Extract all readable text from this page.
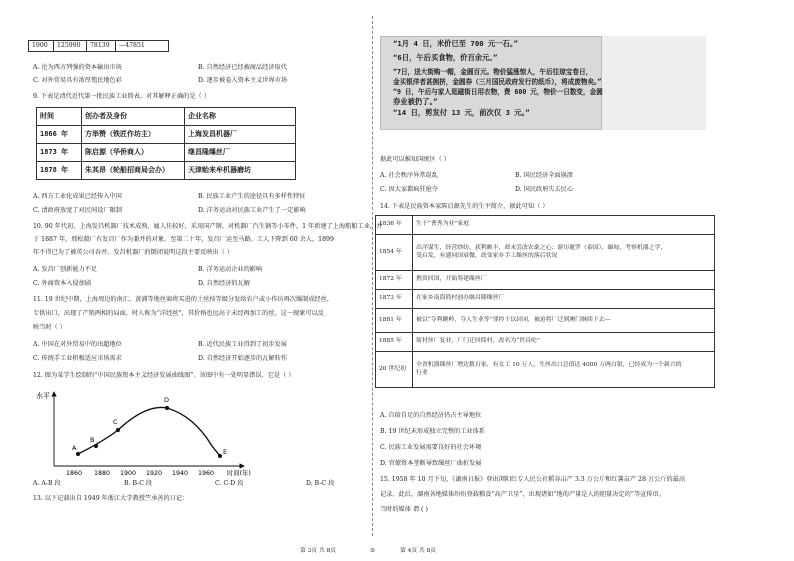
1900	125990	78139	—47851
A. 沦为西方列强的资本输出市场	B. 自然经济已经被商品经济取代
C. 对外贸易具有浓厚殖民地色彩	D. 逐步被卷入资本主义世界市场
9. 下表是清代近代第一批民族工业简表。对其解释正确的是（ ）
时间	创办者及身份	企业名称
1866 年	方举赞（铁匠作坊主）	上海发昌机器厂
1873 年	陈启源（华侨商人）	继昌隆缫丝厂
1878 年	朱其昂（轮船招商局会办）	天津贻来牟机器磨坊
A. 西方工业化成果已经传入中国	B. 民族工业产生的途径具有多样性特征
C. 清政府放宽了对民间设厂限制	D. 洋务运动对民族工业产生了一定影响
10. 90 年代初，上海发昌机器厂技术成熟、雇人佳较好，采用国产钢、对机器厂汽生钢等小零件，1 年新建了上海船舶工业。并
于 1887 年，邢松船厂有发昌厂作为兼并的对象。至第二十年，发昌厂运至马路。工人下降到 60 余人，1899
年不得已为了被英公司吞并。发昌机器厂的倒闭说明这段主要反映出（ ）
A. 发昌厂创新能力不足	B. 洋务运动企业的影响
C. 外商资本入侵加剧	D. 自然经济的瓦解
11. 19 世纪中期，上海周边的南汇、黄浦等地丝商将买进的土丝按等级分发给农户或小作坊再次缫制成经丝，
专供出口，出现了产销两相的局面，时人称为“洋经丝”，其价格也远高于未经再加工的丝。这一现象可以反
映当时（ ）
A. 中国在对外贸易中的出超地位	B. 近代民族工业得到了初步发展
C. 传统手工业积极适应市场需求	D. 自然经济开始逐步的瓦解转作
12. 图为某学生绘制的“中国民族资本主义经济发展曲线图”。该图中有一处明显错误，它是（ ）
水平
A
B
C
D
E
1860 1880 1900 1920 1940 1960 时间(年)
A. A-B 段	B. B-C 段	C. C-D 段	D. B-C 段
13. 以下记载出自 1949 年浙江大学教授竺承善的日记：
“1月 4 日，米价已至 700 元一石。”
“6日，午后买食物，价百余元。”
“7日，送大街购一帽，金圆百元。物价猛涨惊人，午后往琼宝卷日，
金买银洋者甚拥挤，金圆券（三月国民政府发行的纸币），将成废物矣。”
“9 日，午后与家人逛磁街日用衣物，费 600 元，物价一日数变，金圆
券业被扔了。”
“14 日，剪发付 13 元，前次仅 3 元。”
据此可以推知国统区（ ）
A. 社会秩序异常混乱	B. 国民经济全面崩溃
C. 因大家都疯狂抢夺	D. 国民政府失去民心
14. 下表是民族资本家陈启源先生的生平简介，据此可知（ ）
1836 年	生于“耆秀为业”家庭
1854 年	出洋谋生，经营纱纺，获利颇丰，却未尝改农桑之心；游历暹罗（泰国）、缅甸，考察机器之学，
受启发，有感同国衰微，改变家乡手工缫丝的落后状况
1872 年	携资回国，开始筹建缫丝厂
1873 年	在家乡南海简村创办继昌隆缫丝厂
1881 年	被以“夺利跳岭，夺人生业等”罪控于以封闭，被迫将厂迁到澳门继续下去—
1885 年	简村丝厂复业，厂门迁回简村，改名为“世昌纶”
20 世纪初	全省机器缫丝厂增达数百家，有女工 10 万人。生丝出口总值达 4000 万两白银，已经成为一个新兴的
行业
A. 自给自足的自然经济仍占主导地位
B. 19 世纪末形成独立完整的工业体系
C. 民族工业发展需要良好的社会环境
D. 官僚资本垄断导致缫丝厂曲折发展
15. 1958 年 10 月下旬，《湖南日报》登出浏阳红专人民公社稻谷亩产 3.3 万公斤和红薯亩产 28 万公斤的最高
记录。此后，湖南各地媒体纷纷登载粮食“高产卫星”，出现诸如“地的产量是人的胆量决定的”等宣传语。
当时的媒体 谓 ( )
第 3页 共 8页	⊙	第 4页 共 8页
